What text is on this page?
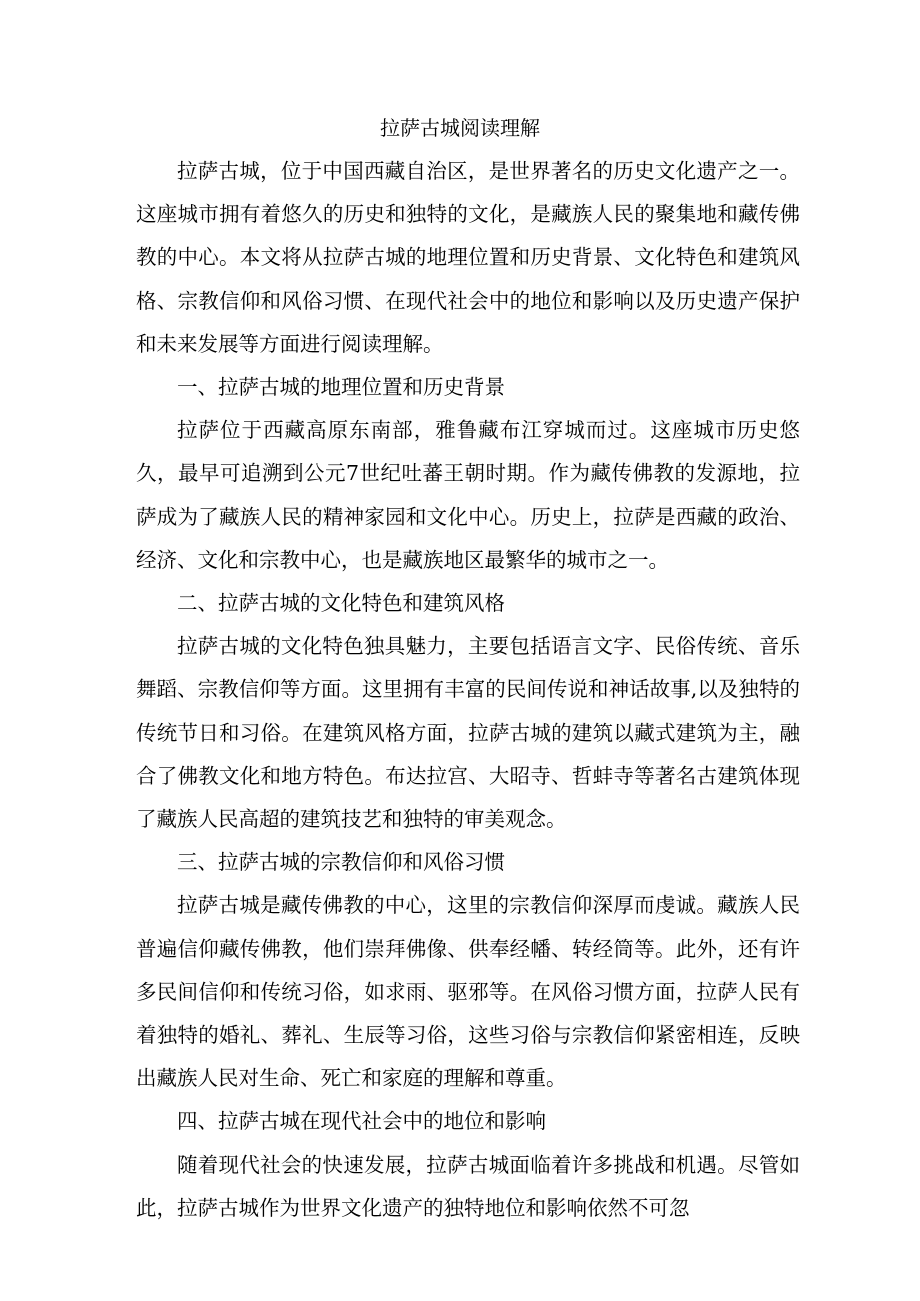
拉萨古城阅读理解

拉萨古城，位于中国西藏自治区，是世界著名的历史文化遗产之一。这座城市拥有着悠久的历史和独特的文化，是藏族人民的聚集地和藏传佛教的中心。本文将从拉萨古城的地理位置和历史背景、文化特色和建筑风格、宗教信仰和风俗习惯、在现代社会中的地位和影响以及历史遗产保护和未来发展等方面进行阅读理解。

一、拉萨古城的地理位置和历史背景

拉萨位于西藏高原东南部，雅鲁藏布江穿城而过。这座城市历史悠久，最早可追溯到公元7世纪吐蕃王朝时期。作为藏传佛教的发源地，拉萨成为了藏族人民的精神家园和文化中心。历史上，拉萨是西藏的政治、经济、文化和宗教中心，也是藏族地区最繁华的城市之一。

二、拉萨古城的文化特色和建筑风格

拉萨古城的文化特色独具魅力，主要包括语言文字、民俗传统、音乐舞蹈、宗教信仰等方面。这里拥有丰富的民间传说和神话故事,以及独特的传统节日和习俗。在建筑风格方面，拉萨古城的建筑以藏式建筑为主，融合了佛教文化和地方特色。布达拉宫、大昭寺、哲蚌寺等著名古建筑体现了藏族人民高超的建筑技艺和独特的审美观念。

三、拉萨古城的宗教信仰和风俗习惯

拉萨古城是藏传佛教的中心，这里的宗教信仰深厚而虔诚。藏族人民普遍信仰藏传佛教，他们崇拜佛像、供奉经幡、转经筒等。此外，还有许多民间信仰和传统习俗，如求雨、驱邪等。在风俗习惯方面，拉萨人民有着独特的婚礼、葬礼、生辰等习俗，这些习俗与宗教信仰紧密相连，反映出藏族人民对生命、死亡和家庭的理解和尊重。

四、拉萨古城在现代社会中的地位和影响

随着现代社会的快速发展，拉萨古城面临着许多挑战和机遇。尽管如此，拉萨古城作为世界文化遗产的独特地位和影响依然不可忽
